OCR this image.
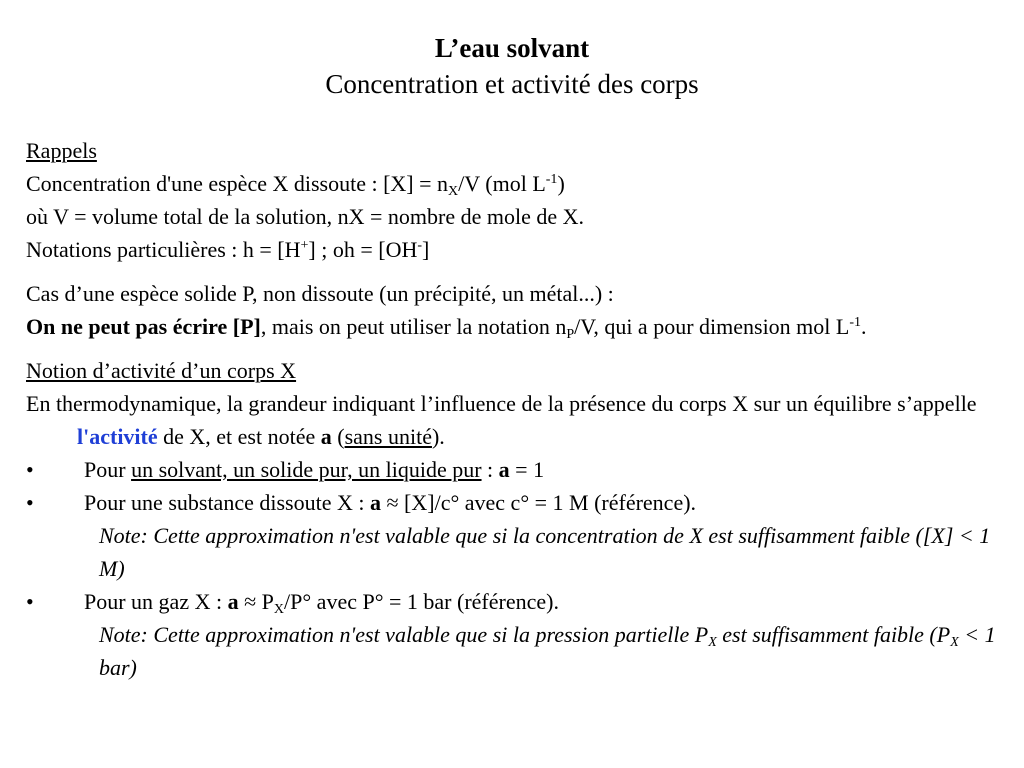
L’eau solvant
Concentration et activité des corps
Rappels
Concentration d'une espèce X dissoute : $[X] = n_X/V$ (mol $L^{-1}$)
où V = volume total de la solution, nX = nombre de mole de X.
Notations particulières : h = [H+] ; oh = [OH-]
Cas d’une espèce solide P, non dissoute (un précipité, un métal...) :
On ne peut pas écrire [P], mais on peut utiliser la notation $n_P/V$, qui a pour dimension mol $L^{-1}$.
Notion d’activité d’un corps X
En thermodynamique, la grandeur indiquant l’influence de la présence du corps X sur un équilibre s’appelle l'activité de X, et est notée a (sans unité).
•	Pour un solvant, un solide pur, un liquide pur : a = 1
•	Pour une substance dissoute X : a ≈ [X]/c° avec c° = 1 M (référence).
Note: Cette approximation n'est valable que si la concentration de X est suffisamment faible ([X] < 1 M)
•	Pour un gaz X : $a \approx P_X/P^\circ$ avec P° = 1 bar (référence).
Note: Cette approximation n'est valable que si la pression partielle $P_X$ est suffisamment faible ($P_X < 1$ bar)
